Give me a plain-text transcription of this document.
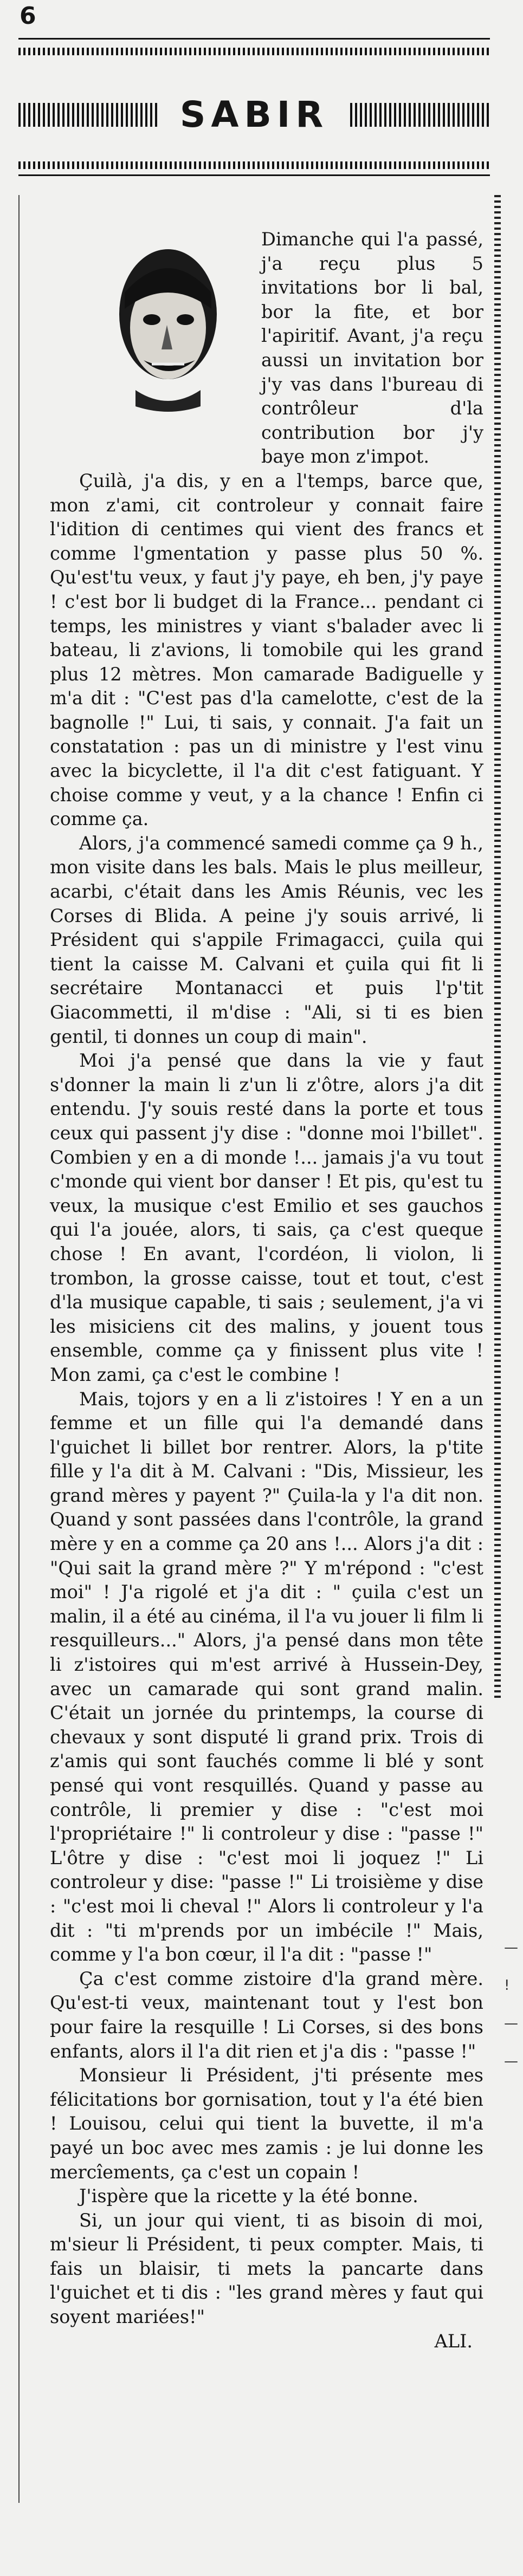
6
SABIR

Dimanche qui l'a passé, j'a reçu plus 5 invitations bor li bal, bor la fite, et bor l'apiritif. Avant, j'a reçu aussi un invitation bor j'y vas dans l'bureau di contrôleur d'la contribution bor j'y baye mon z'impot.

Çuilà, j'a dis, y en a l'temps, barce que, mon z'ami, cit controleur y connait faire l'idition di centimes qui vient des francs et comme l'gmentation y passe plus 50 %. Qu'est'tu veux, y faut j'y paye, eh ben, j'y paye ! c'est bor li budget di la France... pendant ci temps, les ministres y viant s'balader avec li bateau, li z'avions, li tomobile qui les grand plus 12 mètres. Mon camarade Badiguelle y m'a dit : "C'est pas d'la camelotte, c'est de la bagnolle !" Lui, ti sais, y connait. J'a fait un constatation : pas un di ministre y l'est vinu avec la bicyclette, il l'a dit c'est fatiguant. Y choise comme y veut, y a la chance ! Enfin ci comme ça.

Alors, j'a commencé samedi comme ça 9 h., mon visite dans les bals. Mais le plus meilleur, acarbi, c'était dans les Amis Réunis, vec les Corses di Blida. A peine j'y souis arrivé, li Président qui s'appile Frimagacci, çuila qui tient la caisse M. Calvani et çuila qui fit li secrétaire Montanacci et puis l'p'tit Giacommetti, il m'dise : "Ali, si ti es bien gentil, ti donnes un coup di main".

Moi j'a pensé que dans la vie y faut s'donner la main li z'un li z'ôtre, alors j'a dit entendu. J'y souis resté dans la porte et tous ceux qui passent j'y dise : "donne moi l'billet". Combien y en a di monde !... jamais j'a vu tout c'monde qui vient bor danser ! Et pis, qu'est tu veux, la musique c'est Emilio et ses gauchos qui l'a jouée, alors, ti sais, ça c'est queque chose ! En avant, l'cordéon, li violon, li trombon, la grosse caisse, tout et tout, c'est d'la musique capable, ti sais ; seulement, j'a vi les misiciens cit des malins, y jouent tous ensemble, comme ça y finissent plus vite ! Mon zami, ça c'est le combine !

Mais, tojors y en a li z'istoires ! Y en a un femme et un fille qui l'a demandé dans l'guichet li billet bor rentrer. Alors, la p'tite fille y l'a dit à M. Calvani : "Dis, Missieur, les grand mères y payent ?" Çuila-la y l'a dit non. Quand y sont passées dans l'contrôle, la grand mère y en a comme ça 20 ans !... Alors j'a dit : "Qui sait la grand mère ?" Y m'répond : "c'est moi" ! J'a rigolé et j'a dit : " çuila c'est un malin, il a été au cinéma, il l'a vu jouer li film li resquilleurs..." Alors, j'a pensé dans mon tête li z'istoires qui m'est arrivé à Hussein-Dey, avec un camarade qui sont grand malin. C'était un jornée du printemps, la course di chevaux y sont disputé li grand prix. Trois di z'amis qui sont fauchés comme li blé y sont pensé qui vont resquillés. Quand y passe au contrôle, li premier y dise : "c'est moi l'propriétaire !" li controleur y dise : "passe !" L'ôtre y dise : "c'est moi li joquez !" Li controleur y dise: "passe !" Li troisième y dise : "c'est moi li cheval !" Alors li controleur y l'a dit : "ti m'prends por un imbécile !" Mais, comme y l'a bon cœur, il l'a dit : "passe !"

Ça c'est comme zistoire d'la grand mère. Qu'est-ti veux, maintenant tout y l'est bon pour faire la resquille ! Li Corses, si des bons enfants, alors il l'a dit rien et j'a dis : "passe !"

Monsieur li Président, j'ti présente mes félicitations bor gornisation, tout y l'a été bien ! Louisou, celui qui tient la buvette, il m'a payé un boc avec mes zamis : je lui donne les mercîements, ça c'est un copain !

J'ispère que la ricette y la été bonne.

Si, un jour qui vient, ti as bisoin di moi, m'sieur li Président, ti peux compter. Mais, ti fais un blaisir, ti mets la pancarte dans l'guichet et ti dis : "les grand mères y faut qui soyent mariées!"

ALI.

—
!
—
—
